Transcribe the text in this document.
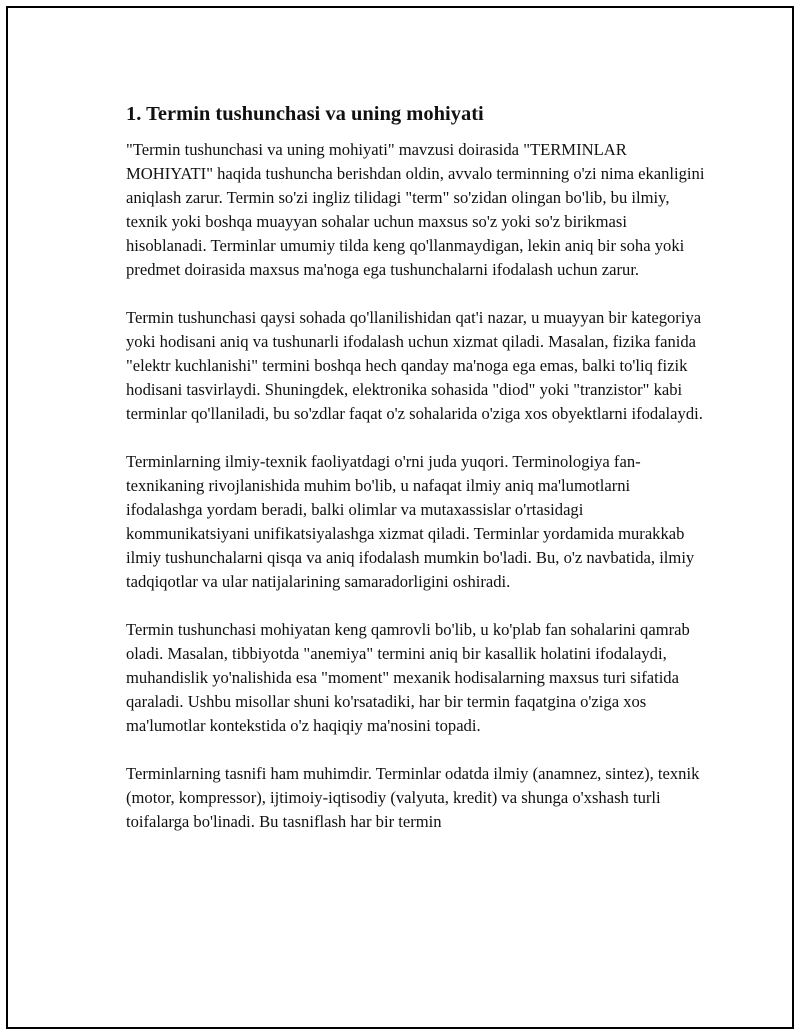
1. Termin tushunchasi va uning mohiyati

"Termin tushunchasi va uning mohiyati" mavzusi doirasida "TERMINLAR MOHIYATI" haqida tushuncha berishdan oldin, avvalo terminning o'zi nima ekanligini aniqlash zarur. Termin so'zi ingliz tilidagi "term" so'zidan olingan bo'lib, bu ilmiy, texnik yoki boshqa muayyan sohalar uchun maxsus so'z yoki so'z birikmasi hisoblanadi. Terminlar umumiy tilda keng qo'llanmaydigan, lekin aniq bir soha yoki predmet doirasida maxsus ma'noga ega tushunchalarni ifodalash uchun zarur.

Termin tushunchasi qaysi sohada qo'llanilishidan qat'i nazar, u muayyan bir kategoriya yoki hodisani aniq va tushunarli ifodalash uchun xizmat qiladi. Masalan, fizika fanida "elektr kuchlanishi" termini boshqa hech qanday ma'noga ega emas, balki to'liq fizik hodisani tasvirlaydi. Shuningdek, elektronika sohasida "diod" yoki "tranzistor" kabi terminlar qo'llaniladi, bu so'zdlar faqat o'z sohalarida o'ziga xos obyektlarni ifodalaydi.

Terminlarning ilmiy-texnik faoliyatdagi o'rni juda yuqori. Terminologiya fan-texnikaning rivojlanishida muhim bo'lib, u nafaqat ilmiy aniq ma'lumotlarni ifodalashga yordam beradi, balki olimlar va mutaxassislar o'rtasidagi kommunikatsiyani unifikatsiyalashga xizmat qiladi. Terminlar yordamida murakkab ilmiy tushunchalarni qisqa va aniq ifodalash mumkin bo'ladi. Bu, o'z navbatida, ilmiy tadqiqotlar va ular natijalarining samaradorligini oshiradi.

Termin tushunchasi mohiyatan keng qamrovli bo'lib, u ko'plab fan sohalarini qamrab oladi. Masalan, tibbiyotda "anemiya" termini aniq bir kasallik holatini ifodalaydi, muhandislik yo'nalishida esa "moment" mexanik hodisalarning maxsus turi sifatida qaraladi. Ushbu misollar shuni ko'rsatadiki, har bir termin faqatgina o'ziga xos ma'lumotlar kontekstida o'z haqiqiy ma'nosini topadi.

Terminlarning tasnifi ham muhimdir. Terminlar odatda ilmiy (anamnez, sintez), texnik (motor, kompressor), ijtimoiy-iqtisodiy (valyuta, kredit) va shunga o'xshash turli toifalarga bo'linadi. Bu tasniflash har bir termin
